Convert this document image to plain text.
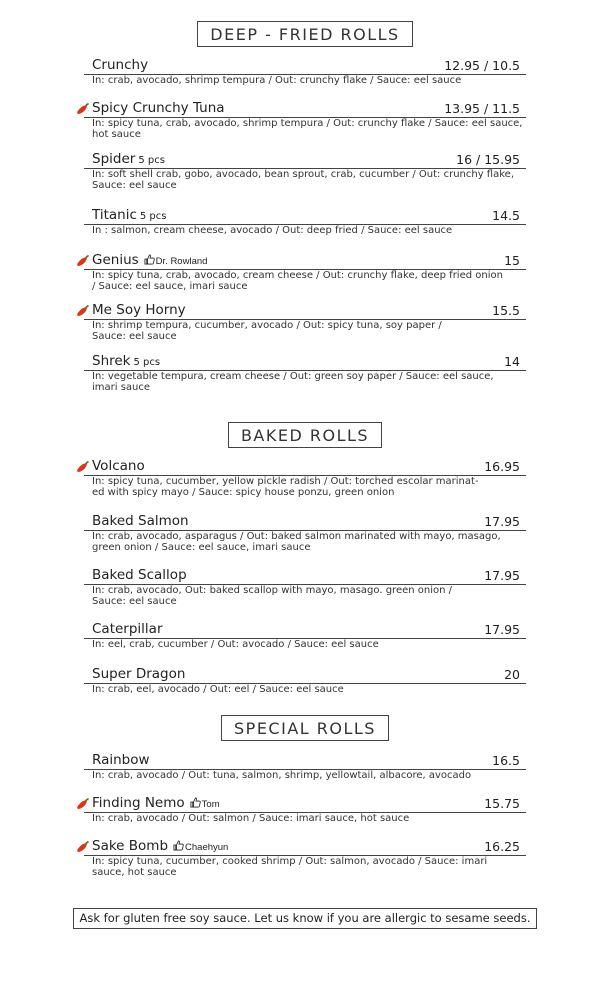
DEEP - FRIED ROLLS
BAKED ROLLS
SPECIAL ROLLS
Crunchy	12.95 / 10.5
In: crab, avocado, shrimp tempura / Out: crunchy flake / Sauce: eel sauce
Spicy Crunchy Tuna	13.95 / 11.5
In: spicy tuna, crab, avocado, shrimp tempura / Out: crunchy flake / Sauce: eel sauce,
hot sauce
Spider 5 pcs	16 / 15.95
In: soft shell crab, gobo, avocado, bean sprout, crab, cucumber / Out: crunchy flake,
Sauce: eel sauce
Titanic 5 pcs	14.5
In : salmon, cream cheese, avocado / Out: deep fried / Sauce: eel sauce
Genius Dr. Rowland	15
In: spicy tuna, crab, avocado, cream cheese / Out: crunchy flake, deep fried onion
/ Sauce: eel sauce, imari sauce
Me Soy Horny	15.5
In: shrimp tempura, cucumber, avocado / Out: spicy tuna, soy paper /
Sauce: eel sauce
Shrek 5 pcs	14
In: vegetable tempura, cream cheese / Out: green soy paper / Sauce: eel sauce,
imari sauce
Volcano	16.95
In: spicy tuna, cucumber, yellow pickle radish / Out: torched escolar marinat-
ed with spicy mayo / Sauce: spicy house ponzu, green onion
Baked Salmon	17.95
In: crab, avocado, asparagus / Out: baked salmon marinated with mayo, masago,
green onion / Sauce: eel sauce, imari sauce
Baked Scallop	17.95
In: crab, avocado, Out: baked scallop with mayo, masago. green onion /
Sauce: eel sauce
Caterpillar	17.95
In: eel, crab, cucumber / Out: avocado / Sauce: eel sauce
Super Dragon	20
In: crab, eel, avocado / Out: eel / Sauce: eel sauce
Rainbow	16.5
In: crab, avocado / Out: tuna, salmon, shrimp, yellowtail, albacore, avocado
Finding Nemo Tom	15.75
In: crab, avocado / Out: salmon / Sauce: imari sauce, hot sauce
Sake Bomb Chaehyun	16.25
In: spicy tuna, cucumber, cooked shrimp / Out: salmon, avocado / Sauce: imari
sauce, hot sauce
Ask for gluten free soy sauce. Let us know if you are allergic to sesame seeds.
